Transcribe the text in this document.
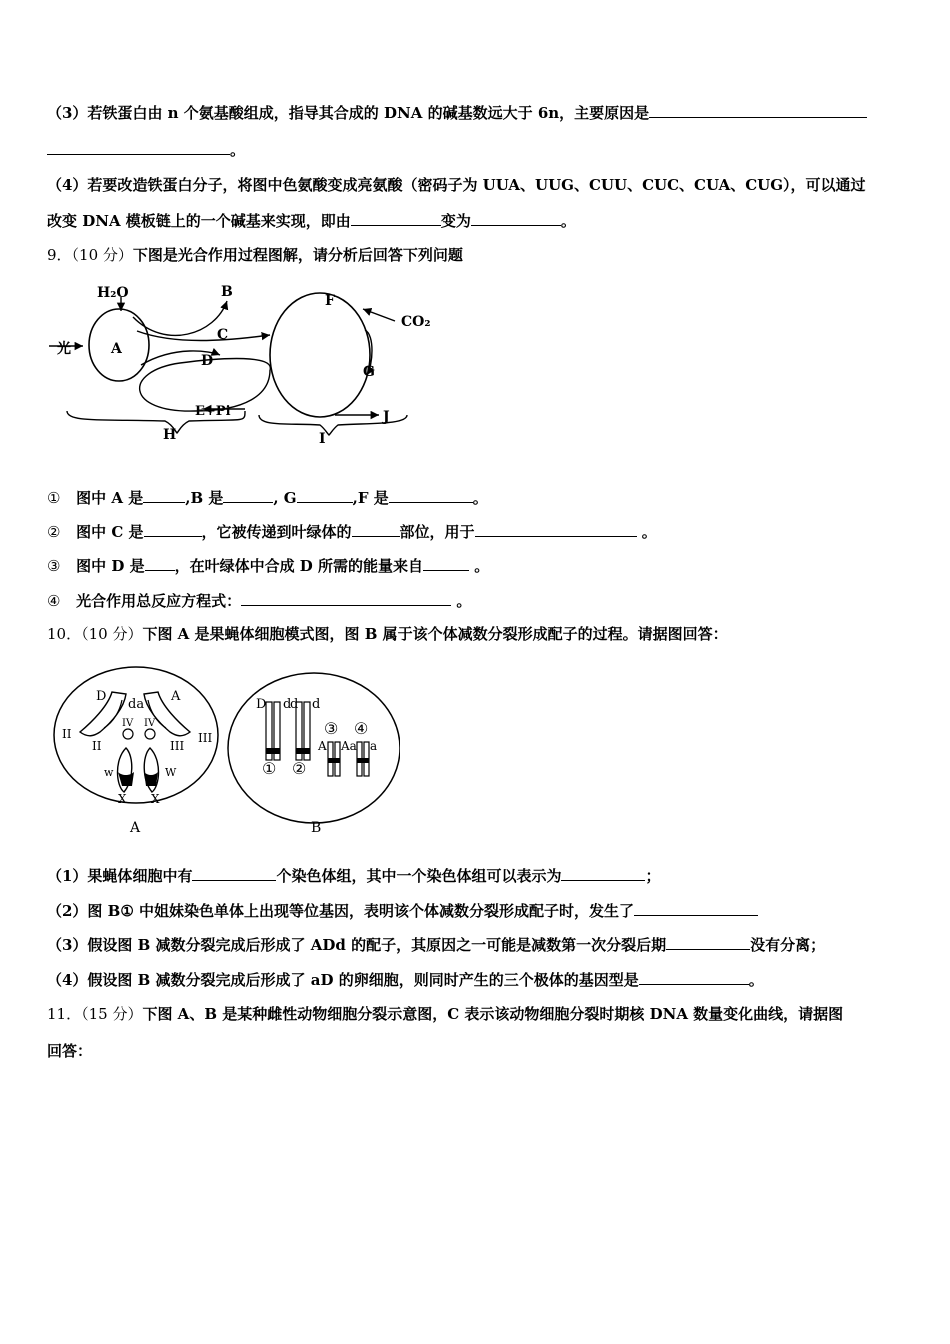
（3）若铁蛋白由 n 个氨基酸组成，指导其合成的 DNA 的碱基数远大于 6n，主要原因是
。
（4）若要改造铁蛋白分子，将图中色氨酸变成亮氨酸（密码子为 UUA、UUG、CUU、CUC、CUA、CUG），可以通过
改变 DNA 模板链上的一个碱基来实现，即由	变为	。
9．（10 分）下图是光合作用过程图解，请分析后回答下列问题
H₂O	B
C
光	A
D
E+Pi
H
F
CO₂
G
J
I
① 图中 A 是	,B 是	, G	,F 是	。
② 图中 C 是	，它被传递到叶绿体的	部位，用于	。
③ 图中 D 是 ，在叶绿体中合成 D 所需的能量来自	。
④ 光合作用总反应方程式：	。
10．（10 分）下图 A 是果蝇体细胞模式图，图 B 属于该个体减数分裂形成配子的过程。请据图回答：
D	A
da
II
II
III
III
IV IV
w	W
X X
A
D d
d d
③ ④
A Aa a
① ②
B
（1）果蝇体细胞中有	个染色体组，其中一个染色体组可以表示为	；
（2）图 B① 中姐妹染色单体上出现等位基因，表明该个体减数分裂形成配子时，发生了
（3）假设图 B 减数分裂完成后形成了 ADd 的配子，其原因之一可能是减数第一次分裂后期	没有分离；
（4）假设图 B 减数分裂完成后形成了 aD 的卵细胞，则同时产生的三个极体的基因型是	。
11．（15 分）下图 A、B 是某种雌性动物细胞分裂示意图，C 表示该动物细胞分裂时期核 DNA 数量变化曲线，请据图
回答：
